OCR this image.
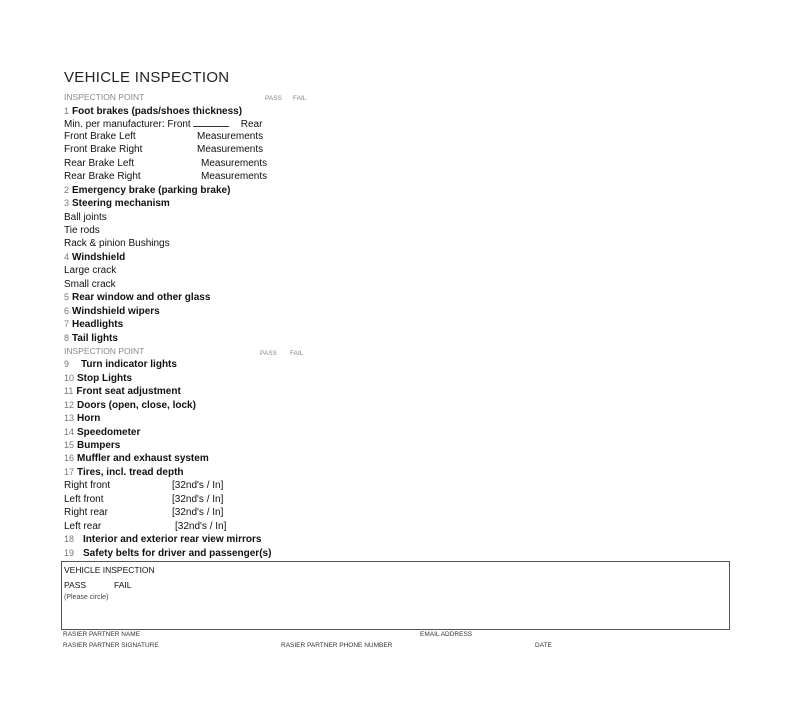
VEHICLE INSPECTION
INSPECTION POINT	PASS FAIL
1 Foot brakes (pads/shoes thickness)
Min. per manufacturer: Front	Rear
Front Brake Left	Measurements
Front Brake Right	Measurements
Rear Brake Left	Measurements
Rear Brake Right	Measurements
2 Emergency brake (parking brake)
3 Steering mechanism
Ball joints
Tie rods
Rack & pinion Bushings
4 Windshield
Large crack
Small crack
5 Rear window and other glass
6 Windshield wipers
7 Headlights
8 Tail lights
INSPECTION POINT	PASS FAIL
9 Turn indicator lights
10 Stop Lights
11 Front seat adjustment
12 Doors (open, close, lock)
13 Horn
14 Speedometer
15 Bumpers
16 Muffler and exhaust system
17 Tires, incl. tread depth
Right front	[32nd's / In]
Left front	[32nd's / In]
Right rear	[32nd's / In]
Left rear	[32nd's / In]
18 Interior and exterior rear view mirrors
19 Safety belts for driver and passenger(s)
VEHICLE INSPECTION
PASS	FAIL
(Please circle)
RASIER PARTNER NAME	EMAIL ADDRESS
RASIER PARTNER SIGNATURE	RASIER PARTNER PHONE NUMBER	DATE
